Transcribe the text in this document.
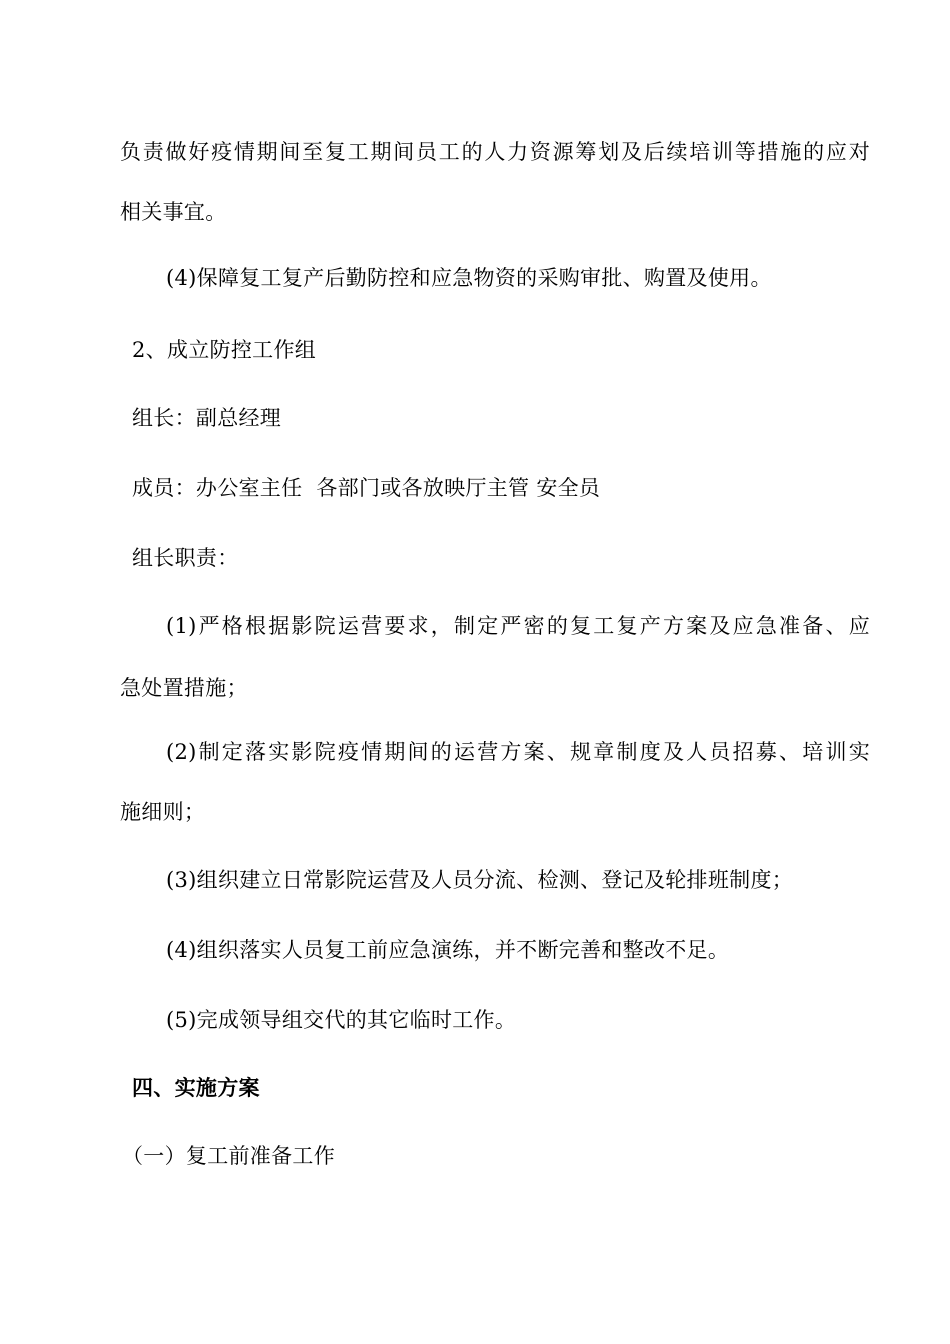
负责做好疫情期间至复工期间员工的人力资源筹划及后续培训等措施的应对
相关事宜。
(4)保障复工复产后勤防控和应急物资的采购审批、购置及使用。
2、成立防控工作组
组长：副总经理
成员：办公室主任  各部门或各放映厅主管 安全员
组长职责：
(1)严格根据影院运营要求，制定严密的复工复产方案及应急准备、应
急处置措施；
(2)制定落实影院疫情期间的运营方案、规章制度及人员招募、培训实
施细则；
(3)组织建立日常影院运营及人员分流、检测、登记及轮排班制度；
(4)组织落实人员复工前应急演练，并不断完善和整改不足。
(5)完成领导组交代的其它临时工作。
四、实施方案
（一）复工前准备工作
